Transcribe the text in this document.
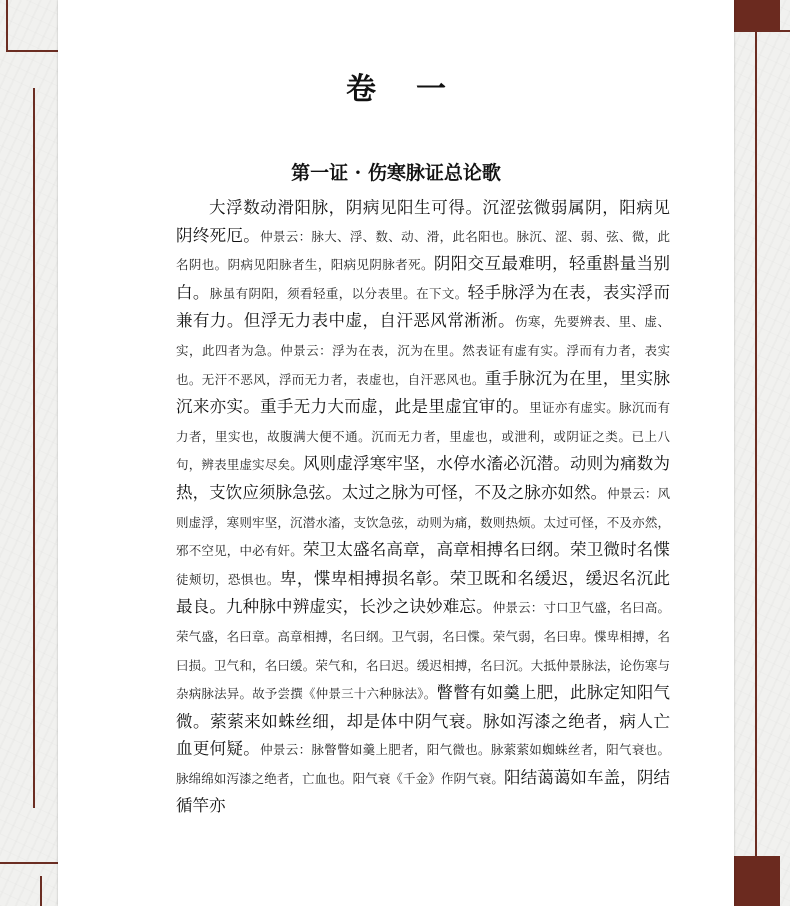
卷一
第一证 · 伤寒脉证总论歌

大浮数动滑阳脉，阴病见阳生可得。沉涩弦微弱属阴，阳病见阴终死厄。仲景云：脉大、浮、数、动、滑，此名阳也。脉沉、涩、弱、弦、微，此名阴也。阴病见阳脉者生，阳病见阴脉者死。阴阳交互最难明，轻重斟量当别白。脉虽有阴阳，须看轻重，以分表里。在下文。轻手脉浮为在表，表实浮而兼有力。但浮无力表中虚，自汗恶风常淅淅。伤寒，先要辨表、里、虚、实，此四者为急。仲景云：浮为在表，沉为在里。然表证有虚有实。浮而有力者，表实也。无汗不恶风，浮而无力者，表虚也，自汗恶风也。重手脉沉为在里，里实脉沉来亦实。重手无力大而虚，此是里虚宜审的。里证亦有虚实。脉沉而有力者，里实也，故腹满大便不通。沉而无力者，里虚也，或泄利，或阴证之类。已上八句，辨表里虚实尽矣。风则虚浮寒牢坚，水停水滀必沉潜。动则为痛数为热，支饮应须脉急弦。太过之脉为可怪，不及之脉亦如然。仲景云：风则虚浮，寒则牢坚，沉潜水滀，支饮急弦，动则为痛，数则热烦。太过可怪，不及亦然，邪不空见，中必有奸。荣卫太盛名高章，高章相搏名曰纲。荣卫微时名惵徒颊切，恐惧也。卑，惵卑相搏损名彰。荣卫既和名缓迟，缓迟名沉此最良。九种脉中辨虚实，长沙之诀妙难忘。仲景云：寸口卫气盛，名曰高。荣气盛，名曰章。高章相搏，名曰纲。卫气弱，名曰惵。荣气弱，名曰卑。惵卑相搏，名曰损。卫气和，名曰缓。荣气和，名曰迟。缓迟相搏，名曰沉。大抵仲景脉法，论伤寒与杂病脉法异。故予尝撰《仲景三十六种脉法》。瞥瞥有如羹上肥，此脉定知阳气微。萦萦来如蛛丝细，却是体中阴气衰。脉如泻漆之绝者，病人亡血更何疑。仲景云：脉瞥瞥如羹上肥者，阳气微也。脉萦萦如蜘蛛丝者，阳气衰也。脉绵绵如泻漆之绝者，亡血也。阳气衰《千金》作阴气衰。阳结蔼蔼如车盖，阴结循竿亦
